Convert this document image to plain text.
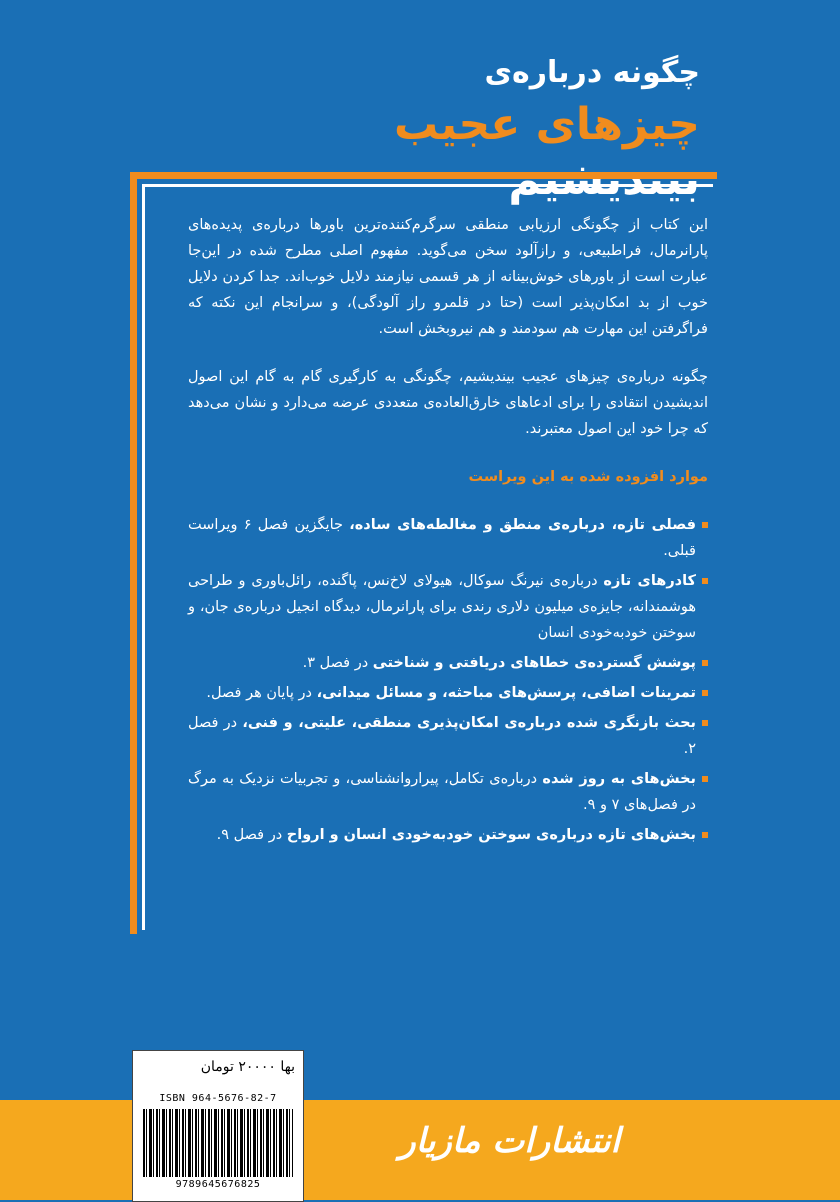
چگونه درباره‌ی
چیزهای عجیب بیندیشیم

این کتاب از چگونگی ارزیابی منطقی سرگرم‌کننده‌ترین باورها درباره‌ی پدیده‌های پارانرمال، فراطبیعی، و رازآلود سخن می‌گوید. مفهوم اصلی مطرح شده در این‌جا عبارت است از باورهای خوش‌بینانه از هر قسمی نیازمند دلایل خوب‌اند. جدا کردن دلایل خوب از بد امکان‌پذیر است (حتا در قلمرو راز آلودگی)، و سرانجام این نکته که فراگرفتن این مهارت هم سودمند و هم نیروبخش است.

چگونه درباره‌ی چیزهای عجیب بیندیشیم، چگونگی به کارگیری گام به گام این اصول اندیشیدن انتقادی را برای ادعاهای خارق‌العاده‌ی متعددی عرضه می‌دارد و نشان می‌دهد که چرا خود این اصول معتبرند.

موارد افزوده شده به این ویراست

فصلی تازه، درباره‌ی منطق و مغالطه‌های ساده، جایگزین فصل ۶ ویراست قبلی.
کادرهای تازه درباره‌ی نیرنگ سوکال، هیولای لاخ‌نس، پاگنده، رائل‌باوری و طراحی هوشمندانه، جایزه‌ی میلیون دلاری رندی برای پارانرمال، دیدگاه انجیل درباره‌ی جان، و سوختن خودبه‌خودی انسان
پوشش گسترده‌ی خطاهای دریافتی و شناختی در فصل ۳.
تمرینات اضافی، پرسش‌های مباحثه، و مسائل میدانی، در پایان هر فصل.
بحث بازنگری شده درباره‌ی امکان‌پذیری منطقی، علیتی، و فنی، در فصل ۲.
بخش‌های به روز شده درباره‌ی تکامل، پیراروانشناسی، و تجربیات نزدیک به مرگ در فصل‌های ۷ و ۹.
بخش‌های تازه درباره‌ی سوختن خودبه‌خودی انسان و ارواح در فصل ۹.
انتشارات مازیار
بها ۲۰۰۰۰ تومان
ISBN 964-5676-82-7
9789645676825
